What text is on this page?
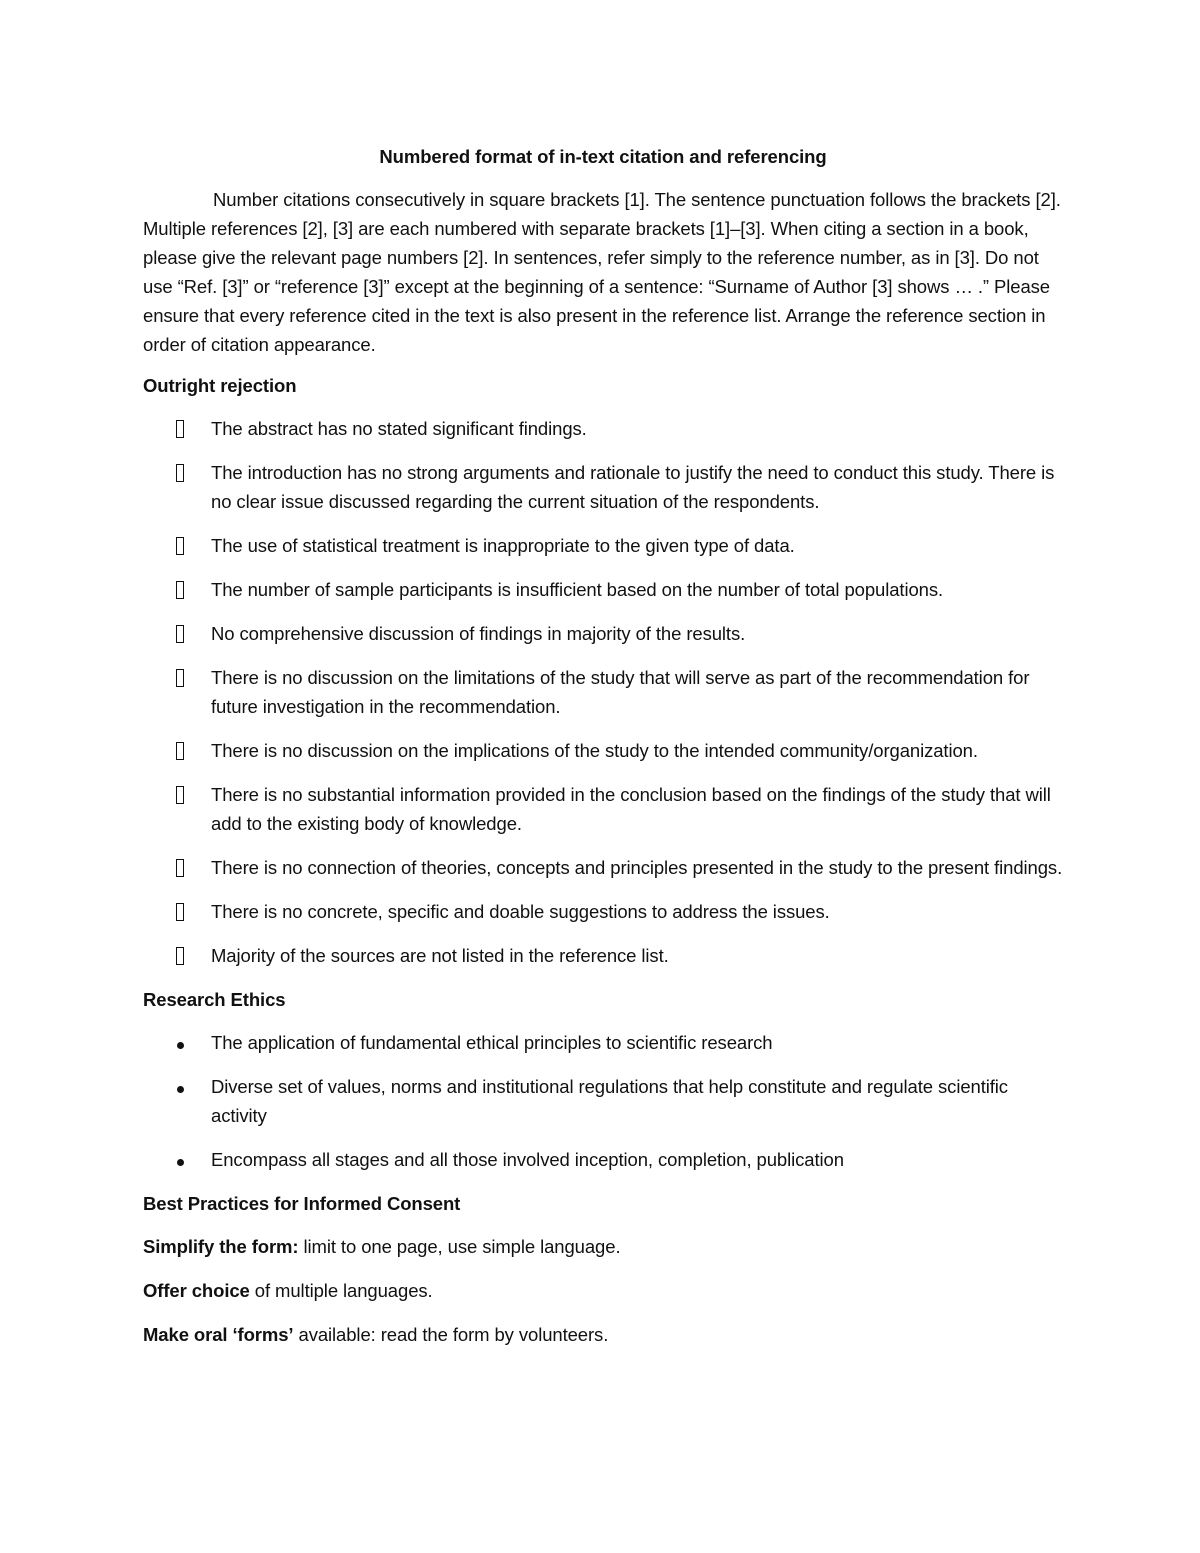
Numbered format of in-text citation and referencing

Number citations consecutively in square brackets [1]. The sentence punctuation follows the brackets [2]. Multiple references [2], [3] are each numbered with separate brackets [1]–[3]. When citing a section in a book, please give the relevant page numbers [2]. In sentences, refer simply to the reference number, as in [3]. Do not use “Ref. [3]” or “reference [3]” except at the beginning of a sentence: “Surname of Author [3] shows … .” Please ensure that every reference cited in the text is also present in the reference list. Arrange the reference section in order of citation appearance.

Outright rejection

The abstract has no stated significant findings.
The introduction has no strong arguments and rationale to justify the need to conduct this study. There is no clear issue discussed regarding the current situation of the respondents.
The use of statistical treatment is inappropriate to the given type of data.
The number of sample participants is insufficient based on the number of total populations.
No comprehensive discussion of findings in majority of the results.
There is no discussion on the limitations of the study that will serve as part of the recommendation for future investigation in the recommendation.
There is no discussion on the implications of the study to the intended community/organization.
There is no substantial information provided in the conclusion based on the findings of the study that will add to the existing body of knowledge.
There is no connection of theories, concepts and principles presented in the study to the present findings.
There is no concrete, specific and doable suggestions to address the issues.
Majority of the sources are not listed in the reference list.

Research Ethics

The application of fundamental ethical principles to scientific research
Diverse set of values, norms and institutional regulations that help constitute and regulate scientific activity
Encompass all stages and all those involved inception, completion, publication

Best Practices for Informed Consent

Simplify the form: limit to one page, use simple language.

Offer choice of multiple languages.

Make oral ‘forms’ available: read the form by volunteers.
